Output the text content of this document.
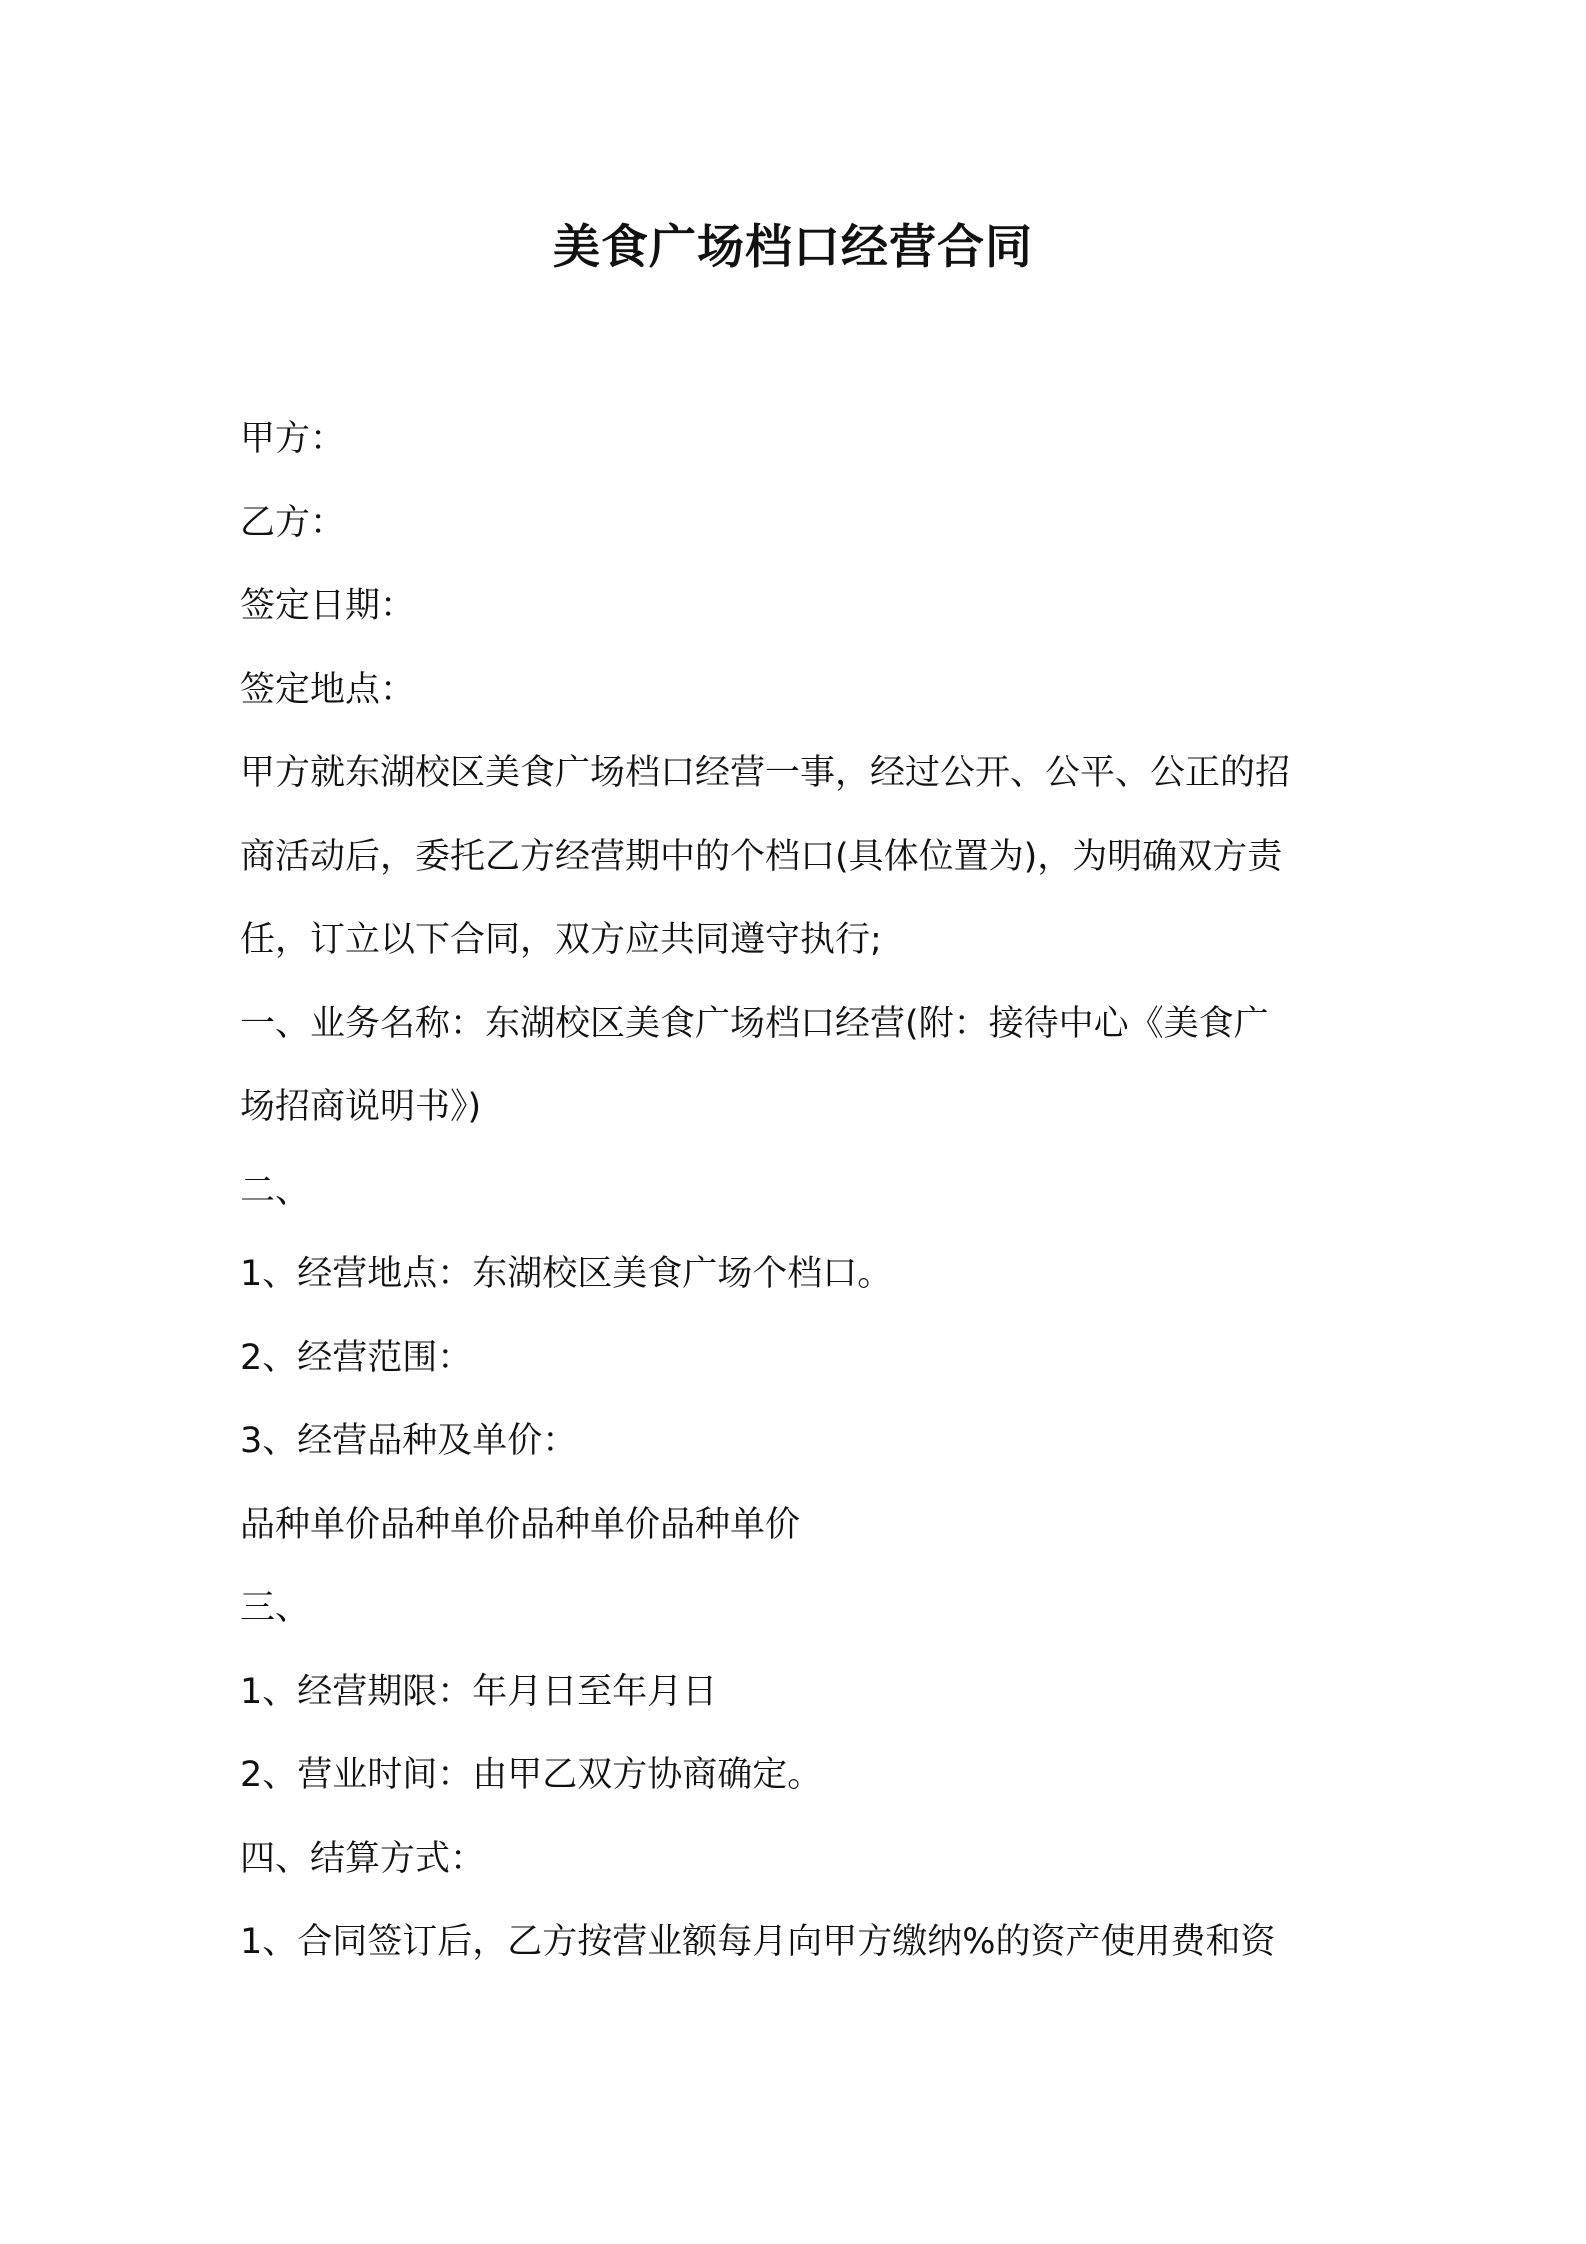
美食广场档口经营合同
甲方：
乙方：
签定日期：
签定地点：
甲方就东湖校区美食广场档口经营一事，经过公开、公平、公正的招
商活动后，委托乙方经营期中的个档口(具体位置为)，为明确双方责
任，订立以下合同，双方应共同遵守执行;
一、业务名称：东湖校区美食广场档口经营(附：接待中心《美食广
场招商说明书》)
二、
1、经营地点：东湖校区美食广场个档口。
2、经营范围：
3、经营品种及单价：
品种单价品种单价品种单价品种单价
三、
1、经营期限：年月日至年月日
2、营业时间：由甲乙双方协商确定。
四、结算方式：
1、合同签订后，乙方按营业额每月向甲方缴纳%的资产使用费和资
